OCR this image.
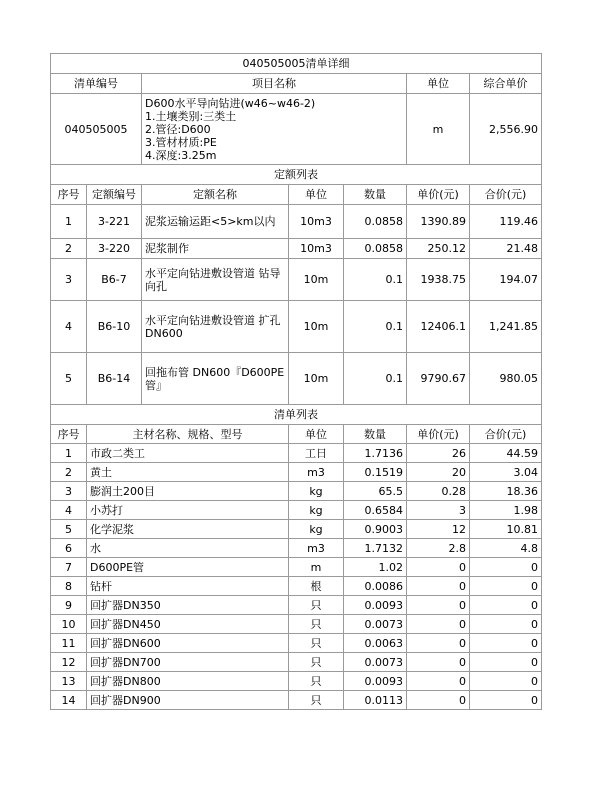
040505005清单详细						
清单编号		项目名称			单位	综合单价
040505005		D600水平导向钻进(w46~w46-2)
1.土壤类别:三类土
2.管径:D600
3.管材材质:PE
4.深度:3.25m			m	2,556.90
定额列表						
序号	定额编号	定额名称	单位	数量	单价(元)	合价(元)
1	3-221	泥浆运输运距<5>km以内	10m3	0.0858	1390.89	119.46
2	3-220	泥浆制作	10m3	0.0858	250.12	21.48
3	B6-7	水平定向钻进敷设管道 钻导向孔	10m	0.1	1938.75	194.07
4	B6-10	水平定向钻进敷设管道 扩孔DN600	10m	0.1	12406.1	1,241.85
5	B6-14	回拖布管 DN600『D600PE管』	10m	0.1	9790.67	980.05
清单列表						
序号	主材名称、规格、型号		单位	数量	单价(元)	合价(元)
1	市政二类工		工日	1.7136	26	44.59
2	黄土		m3	0.1519	20	3.04
3	膨润土200目		kg	65.5	0.28	18.36
4	小苏打		kg	0.6584	3	1.98
5	化学泥浆		kg	0.9003	12	10.81
6	水		m3	1.7132	2.8	4.8
7	D600PE管		m	1.02	0	0
8	钻杆		根	0.0086	0	0
9	回扩器DN350		只	0.0093	0	0
10	回扩器DN450		只	0.0073	0	0
11	回扩器DN600		只	0.0063	0	0
12	回扩器DN700		只	0.0073	0	0
13	回扩器DN800		只	0.0093	0	0
14	回扩器DN900		只	0.0113	0	0
